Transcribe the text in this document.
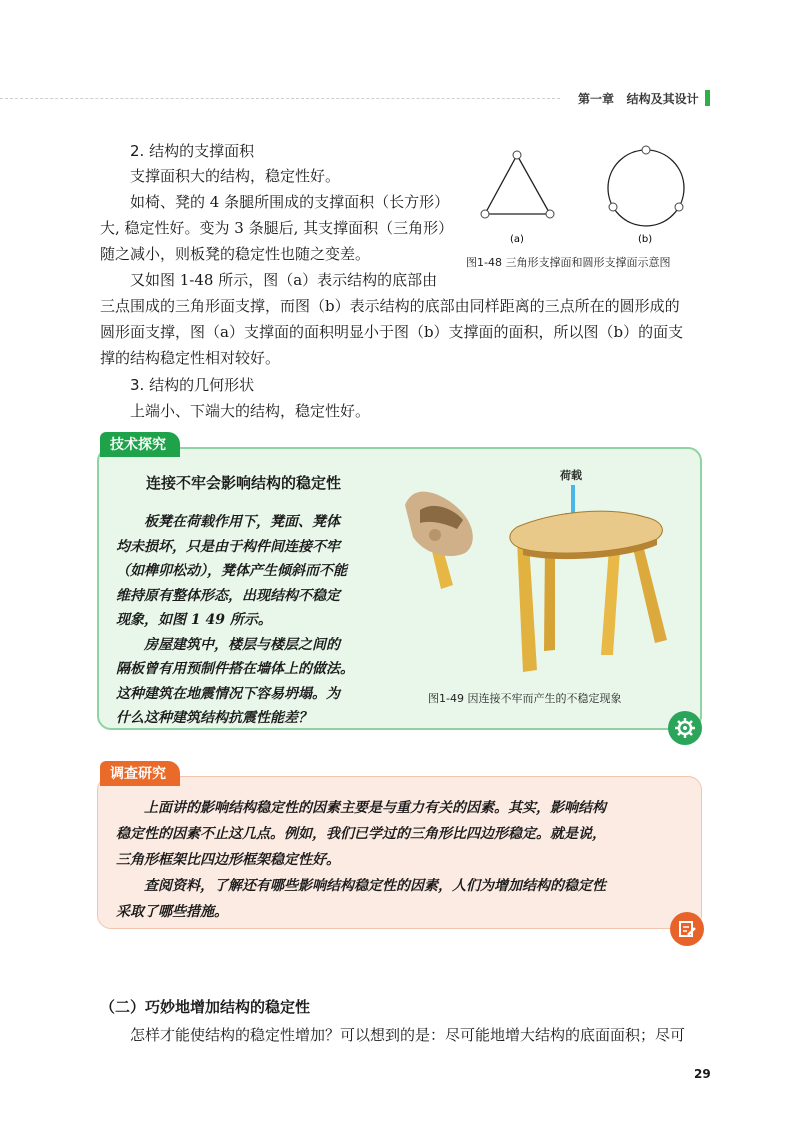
第一章 结构及其设计
2. 结构的支撑面积
支撑面积大的结构，稳定性好。
如椅、凳的 4 条腿所围成的支撑面积（长方形）
大, 稳定性好。变为 3 条腿后, 其支撑面积（三角形）
随之减小，则板凳的稳定性也随之变差。
又如图 1-48 所示，图（a）表示结构的底部由
三点围成的三角形面支撑，而图（b）表示结构的底部由同样距离的三点所在的圆形成的
圆形面支撑，图（a）支撑面的面积明显小于图（b）支撑面的面积，所以图（b）的面支
撑的结构稳定性相对较好。
(a)	(b)
图1-48 三角形支撑面和圆形支撑面示意图
3. 结构的几何形状
上端小、下端大的结构，稳定性好。
技术探究
连接不牢会影响结构的稳定性

板凳在荷载作用下，凳面、凳体

均未损坏，只是由于构件间连接不牢

（如榫卯松动），凳体产生倾斜而不能

维持原有整体形态，出现结构不稳定

现象，如图 1 49 所示。

房屋建筑中，楼层与楼层之间的

隔板曾有用预制件搭在墙体上的做法。

这种建筑在地震情况下容易坍塌。为

什么这种建筑结构抗震性能差？

荷载
图1-49 因连接不牢而产生的不稳定现象
调查研究

上面讲的影响结构稳定性的因素主要是与重力有关的因素。其实，影响结构

稳定性的因素不止这几点。例如，我们已学过的三角形比四边形稳定。就是说，

三角形框架比四边形框架稳定性好。

查阅资料，了解还有哪些影响结构稳定性的因素，人们为增加结构的稳定性

采取了哪些措施。

（二）巧妙地增加结构的稳定性
怎样才能使结构的稳定性增加？可以想到的是：尽可能地增大结构的底面面积；尽可
29
